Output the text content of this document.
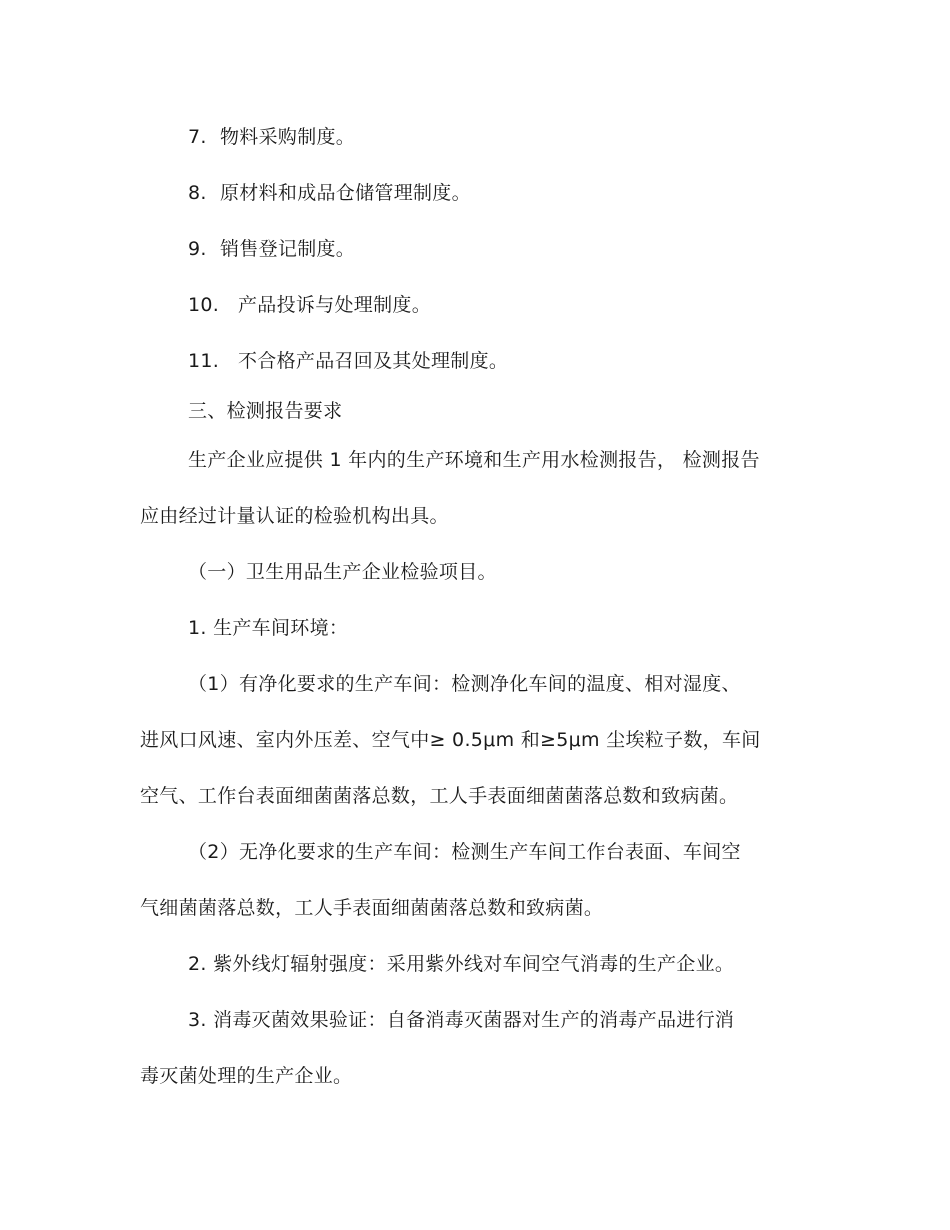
7. 物料采购制度。
8. 原材料和成品仓储管理制度。
9. 销售登记制度。
10. 产品投诉与处理制度。
11. 不合格产品召回及其处理制度。
三、检测报告要求
生产企业应提供 1 年内的生产环境和生产用水检测报告， 检测报告
应由经过计量认证的检验机构出具。
（一）卫生用品生产企业检验项目。
1. 生产车间环境：
（1）有净化要求的生产车间：检测净化车间的温度、相对湿度、
进风口风速、室内外压差、空气中≥ 0.5μm 和≥5μm 尘埃粒子数，车间
空气、工作台表面细菌菌落总数，工人手表面细菌菌落总数和致病菌。
（2）无净化要求的生产车间：检测生产车间工作台表面、车间空
气细菌菌落总数，工人手表面细菌菌落总数和致病菌。
2. 紫外线灯辐射强度：采用紫外线对车间空气消毒的生产企业。
3. 消毒灭菌效果验证：自备消毒灭菌器对生产的消毒产品进行消
毒灭菌处理的生产企业。
